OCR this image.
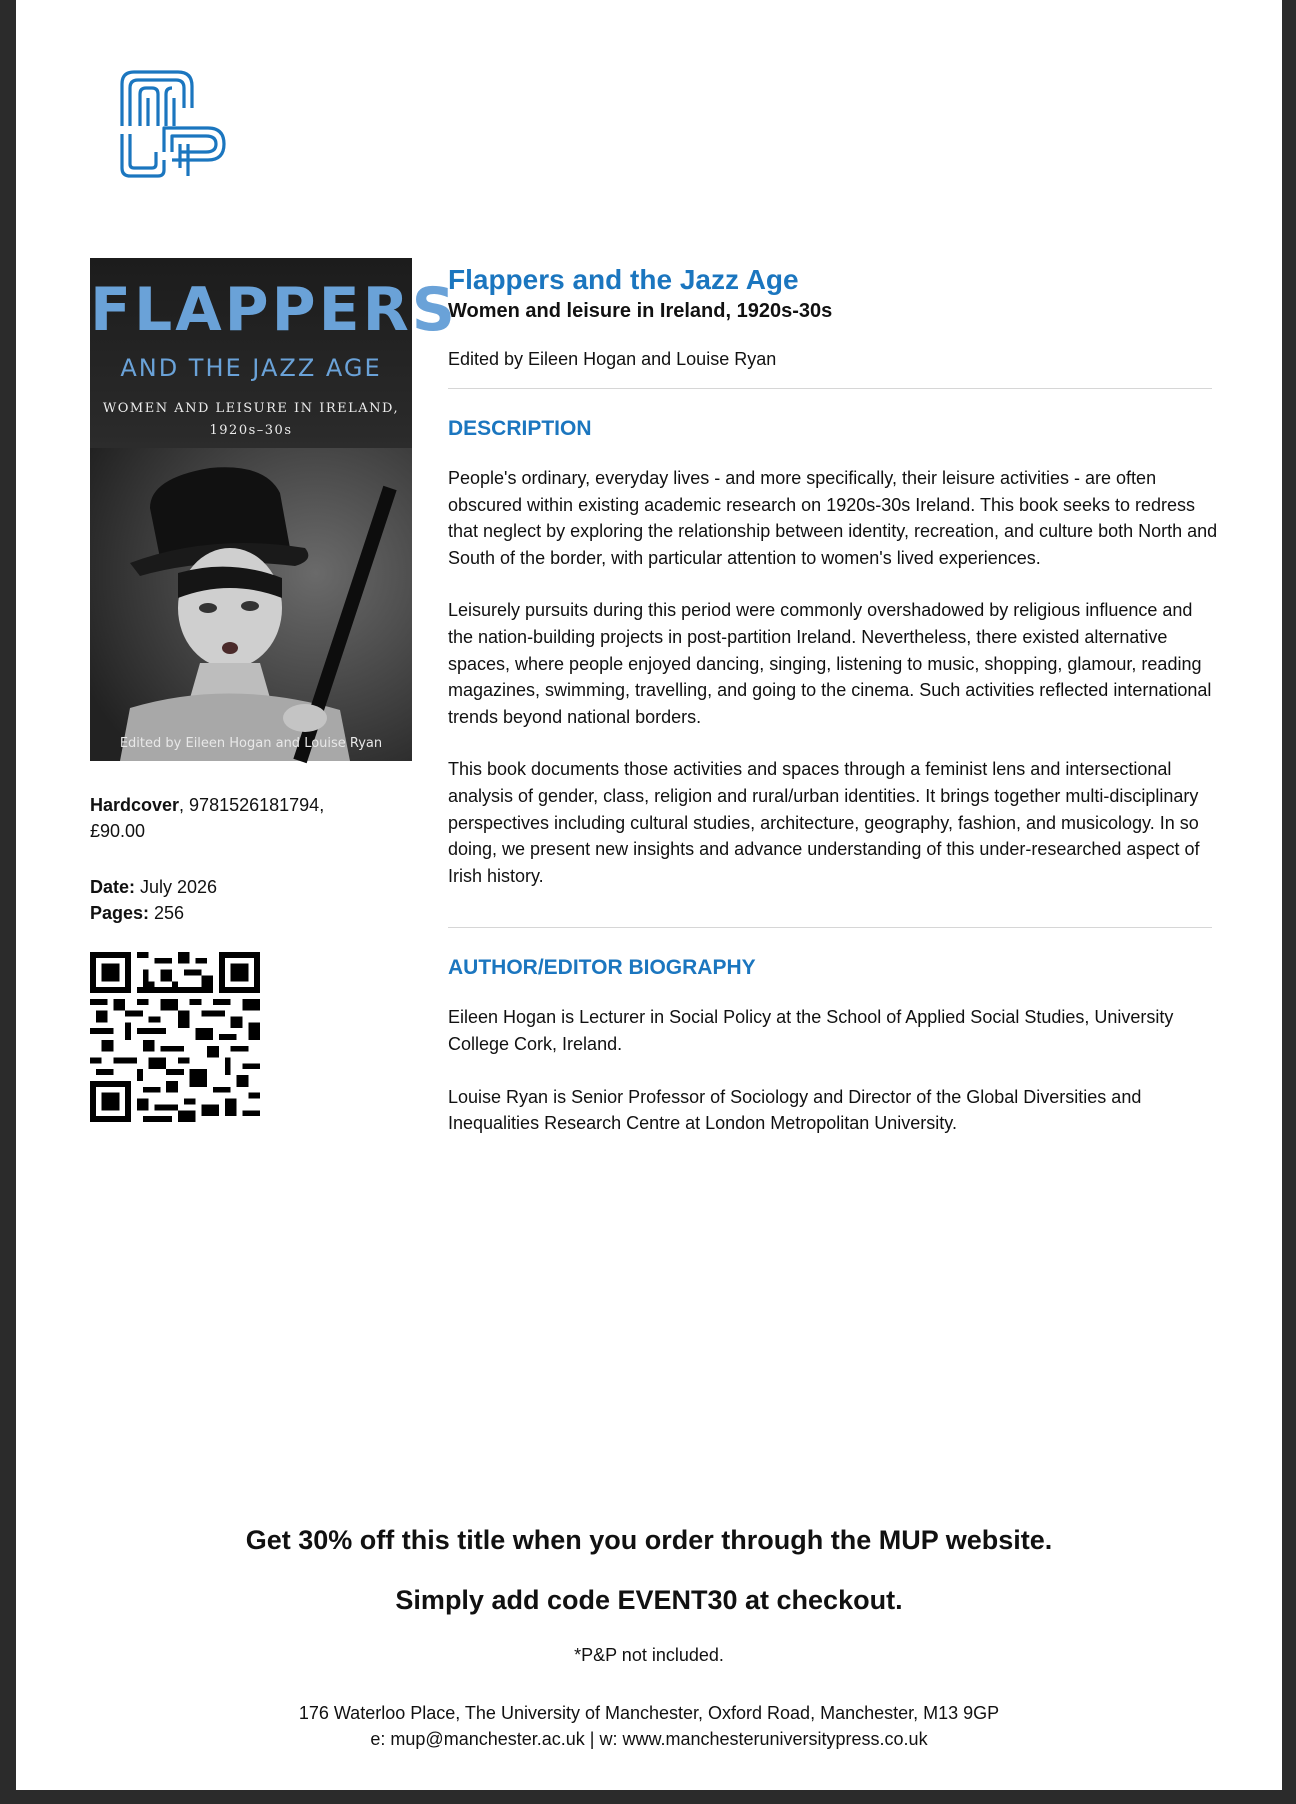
FLAPPERS
AND THE JAZZ AGE
WOMEN AND LEISURE IN IRELAND,
1920s–30s
Edited by Eileen Hogan and Louise Ryan
Hardcover, 9781526181794,
£90.00
Date: July 2026
Pages: 256
Flappers and the Jazz Age
Women and leisure in Ireland, 1920s-30s
Edited by Eileen Hogan and Louise Ryan
DESCRIPTION

People's ordinary, everyday lives - and more specifically, their leisure activities - are often obscured within existing academic research on 1920s-30s Ireland. This book seeks to redress that neglect by exploring the relationship between identity, recreation, and culture both North and South of the border, with particular attention to women's lived experiences.

Leisurely pursuits during this period were commonly overshadowed by religious influence and the nation-building projects in post-partition Ireland. Nevertheless, there existed alternative spaces, where people enjoyed dancing, singing, listening to music, shopping, glamour, reading magazines, swimming, travelling, and going to the cinema. Such activities reflected international trends beyond national borders.

This book documents those activities and spaces through a feminist lens and intersectional analysis of gender, class, religion and rural/urban identities. It brings together multi-disciplinary perspectives including cultural studies, architecture, geography, fashion, and musicology. In so doing, we present new insights and advance understanding of this under-researched aspect of Irish history.

AUTHOR/EDITOR BIOGRAPHY

Eileen Hogan is Lecturer in Social Policy at the School of Applied Social Studies, University College Cork, Ireland.

Louise Ryan is Senior Professor of Sociology and Director of the Global Diversities and Inequalities Research Centre at London Metropolitan University.

Get 30% off this title when you order through the MUP website.
Simply add code EVENT30 at checkout.
*P&P not included.
176 Waterloo Place, The University of Manchester, Oxford Road, Manchester, M13 9GP
e: mup@manchester.ac.uk | w: www.manchesteruniversitypress.co.uk
